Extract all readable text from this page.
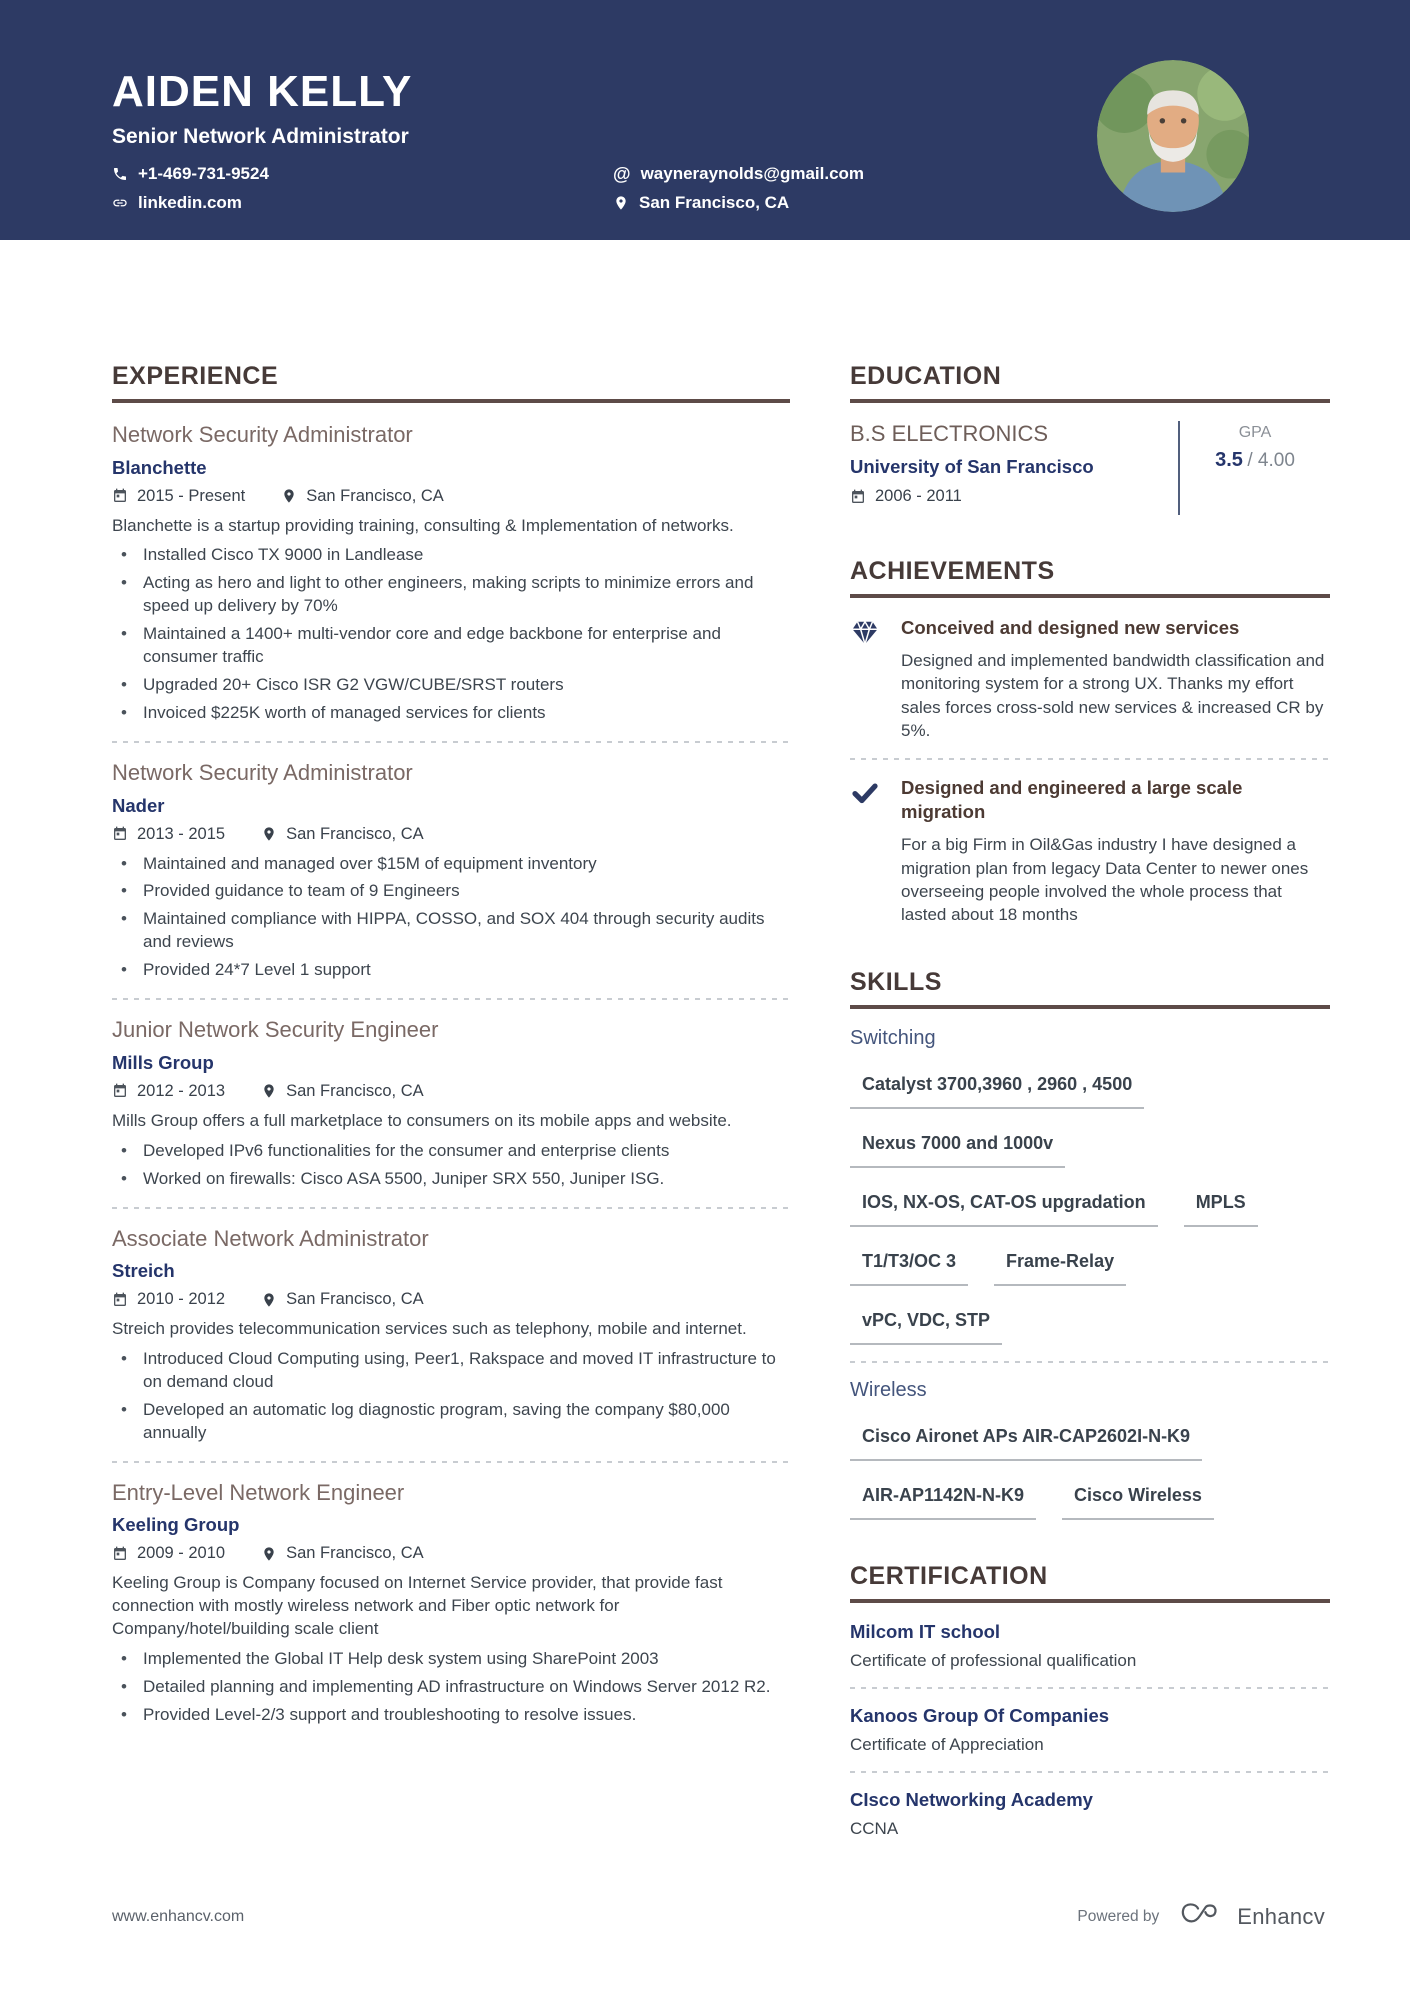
AIDEN KELLY
Senior Network Administrator
+1-469-731-9524	@ wayneraynolds@gmail.com
linkedin.com	San Francisco, CA
EXPERIENCE
Network Security Administrator
Blanchette
2015 - Present	San Francisco, CA

Blanchette is a startup providing training, consulting & Implementation of networks.

• Installed Cisco TX 9000 in Landlease
• Acting as hero and light to other engineers, making scripts to minimize errors and speed up delivery by 70%
• Maintained a 1400+ multi-vendor core and edge backbone for enterprise and consumer traffic
• Upgraded 20+ Cisco ISR G2 VGW/CUBE/SRST routers
• Invoiced $225K worth of managed services for clients
Network Security Administrator
Nader
2013 - 2015	San Francisco, CA
• Maintained and managed over $15M of equipment inventory
• Provided guidance to team of 9 Engineers
• Maintained compliance with HIPPA, COSSO, and SOX 404 through security audits and reviews
• Provided 24*7 Level 1 support
Junior Network Security Engineer
Mills Group
2012 - 2013	San Francisco, CA

Mills Group offers a full marketplace to consumers on its mobile apps and website.

• Developed IPv6 functionalities for the consumer and enterprise clients
• Worked on firewalls: Cisco ASA 5500, Juniper SRX 550, Juniper ISG.
Associate Network Administrator
Streich
2010 - 2012	San Francisco, CA

Streich provides telecommunication services such as telephony, mobile and internet.

• Introduced Cloud Computing using, Peer1, Rakspace and moved IT infrastructure to on demand cloud
• Developed an automatic log diagnostic program, saving the company $80,000 annually
Entry-Level Network Engineer
Keeling Group
2009 - 2010	San Francisco, CA

Keeling Group is Company focused on Internet Service provider, that provide fast connection with mostly wireless network and Fiber optic network for Company/hotel/building scale client

• Implemented the Global IT Help desk system using SharePoint 2003
• Detailed planning and implementing AD infrastructure on Windows Server 2012 R2.
• Provided Level-2/3 support and troubleshooting to resolve issues.
EDUCATION
B.S ELECTRONICS
University of San Francisco
2006 - 2011
GPA
3.5 / 4.00
ACHIEVEMENTS
Conceived and designed new services

Designed and implemented bandwidth classification and monitoring system for a strong UX. Thanks my effort sales forces cross-sold new services & increased CR by 5%.

Designed and engineered a large scale migration

For a big Firm in Oil&Gas industry I have designed a migration plan from legacy Data Center to newer ones overseeing people involved the whole process that lasted about 18 months

SKILLS
Switching
Catalyst 3700,3960 , 2960 , 4500Nexus 7000 and 1000vIOS, NX-OS, CAT-OS upgradation	MPLST1/T3/OC 3	Frame-RelayvPC, VDC, STP
Wireless
Cisco Aironet APs AIR-CAP2602I-N-K9AIR-AP1142N-N-K9	Cisco Wireless
CERTIFICATION
Milcom IT school

Certificate of professional qualification

Kanoos Group Of Companies

Certificate of Appreciation

CIsco Networking Academy

CCNA

www.enhancv.com	Powered by	Enhancv
